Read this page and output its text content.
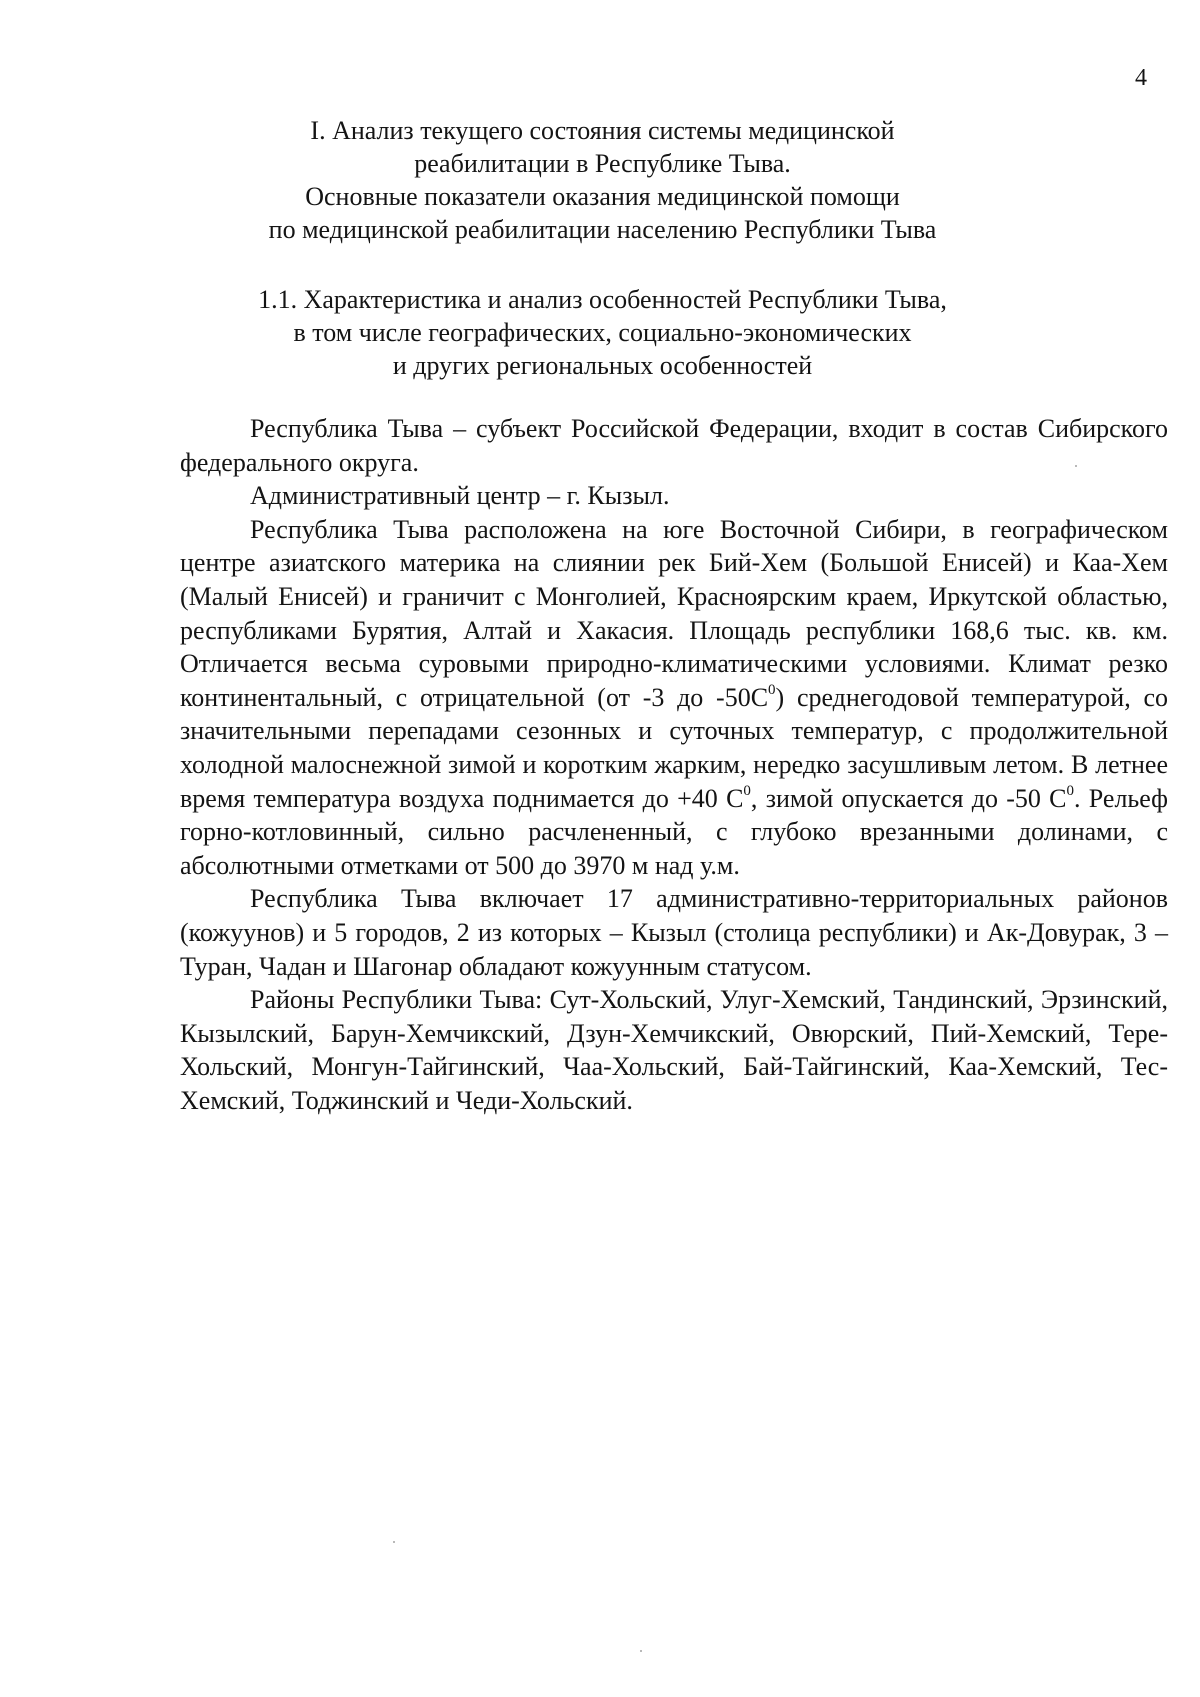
4
I. Анализ текущего состояния системы медицинской
реабилитации в Республике Тыва.
Основные показатели оказания медицинской помощи
по медицинской реабилитации населению Республики Тыва
1.1. Характеристика и анализ особенностей Республики Тыва,
в том числе географических, социально-экономических
и других региональных особенностей

Республика Тыва – субъект Российской Федерации, входит в состав Сибирского федерального округа.

Административный центр – г. Кызыл.

Республика Тыва расположена на юге Восточной Сибири, в географическом центре азиатского материка на слиянии рек Бий-Хем (Большой Енисей) и Каа-Хем (Малый Енисей) и граничит с Монголией, Красноярским краем, Иркутской областью, республиками Бурятия, Алтай и Хакасия. Площадь республики 168,6 тыс. кв. км. Отличается весьма суровыми природно-климатическими условиями. Климат резко континентальный, с отрицательной (от -3 до $-50С^0$) среднегодовой температурой, со значительными перепадами сезонных и суточных температур, с продолжительной холодной малоснежной зимой и коротким жарким, нередко засушливым летом. В летнее время температура воздуха поднимается до +40 $С^0$, зимой опускается до -50 $С^0$. Рельеф горно-котловинный, сильно расчлененный, с глубоко врезанными долинами, с абсолютными отметками от 500 до 3970 м над у.м.

Республика Тыва включает 17 административно-территориальных районов (кожуунов) и 5 городов, 2 из которых – Кызыл (столица республики) и Ак-Довурак, 3 – Туран, Чадан и Шагонар обладают кожуунным статусом.

Районы Республики Тыва: Сут-Хольский, Улуг-Хемский, Тандинский, Эрзинский, Кызылский, Барун-Хемчикский, Дзун-Хемчикский, Овюрский, Пий-Хемский, Тере-Хольский, Монгун-Тайгинский, Чаа-Хольский, Бай-Тайгинский, Каа-Хемский, Тес-Хемский, Тоджинский и Чеди-Хольский.
